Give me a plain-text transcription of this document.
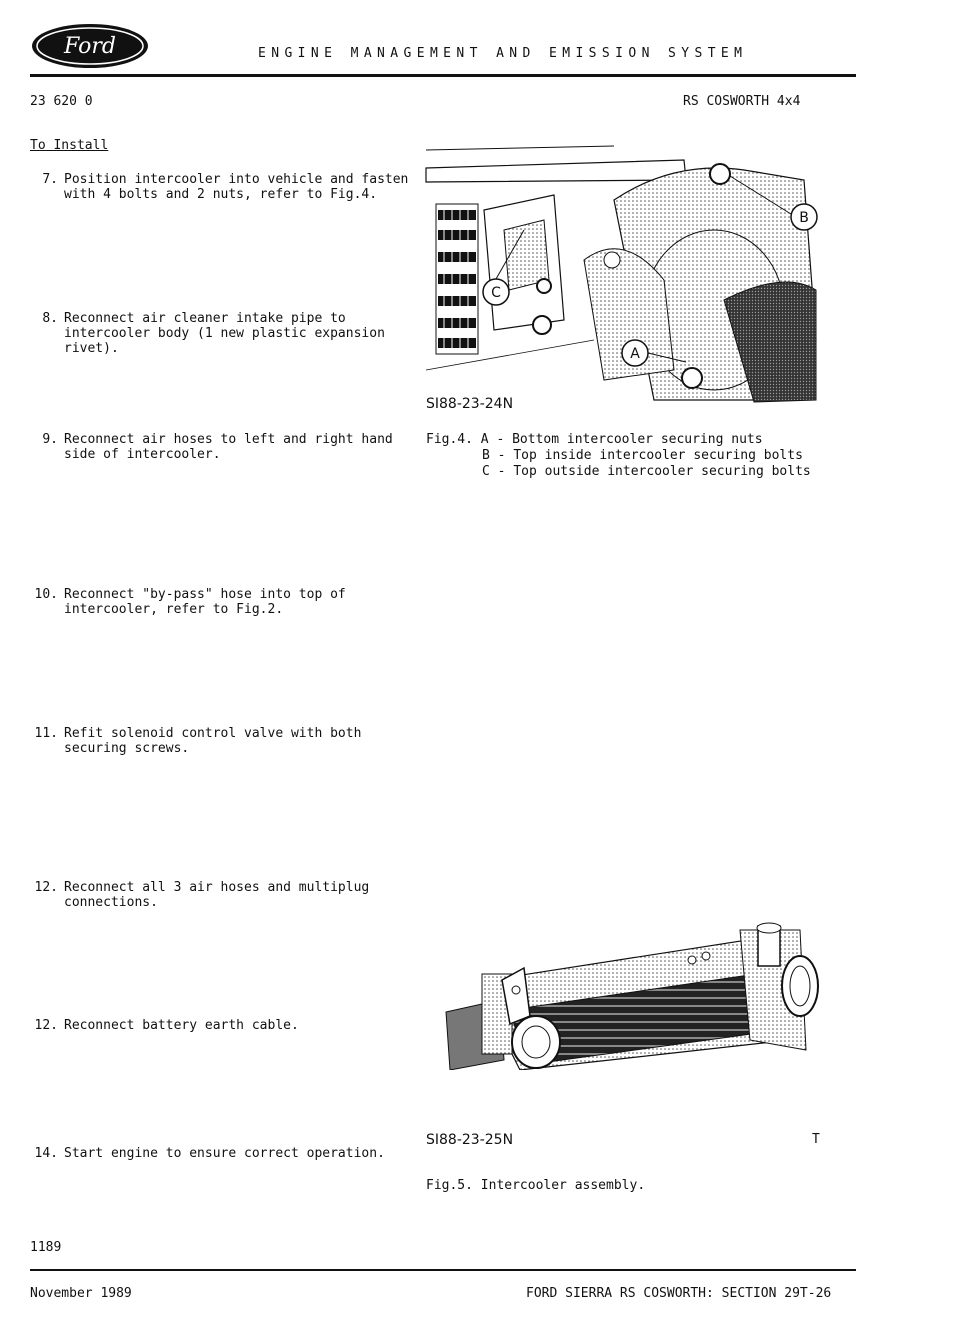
Ford	ENGINE MANAGEMENT AND EMISSION SYSTEM
23 620 0	RS COSWORTH 4x4
To Install
7. Position intercooler into vehicle and fasten with 4 bolts and 2 nuts, refer to Fig.4.
8. Reconnect air cleaner intake pipe to intercooler body (1 new plastic expansion rivet).
9. Reconnect air hoses to left and right hand side of intercooler.
10. Reconnect "by-pass" hose into top of intercooler, refer to Fig.2.
11. Refit solenoid control valve with both securing screws.
12. Reconnect all 3 air hoses and multiplug connections.
12. Reconnect battery earth cable.
14. Start engine to ensure correct operation.
B
C
A
SI88-23-24N
Fig.4. A - Bottom intercooler securing nuts
B - Top inside intercooler securing bolts
C - Top outside intercooler securing bolts
SI88-23-25N	T
Fig.5. Intercooler assembly.
1189
November 1989	FORD SIERRA RS COSWORTH: SECTION 29T-26
